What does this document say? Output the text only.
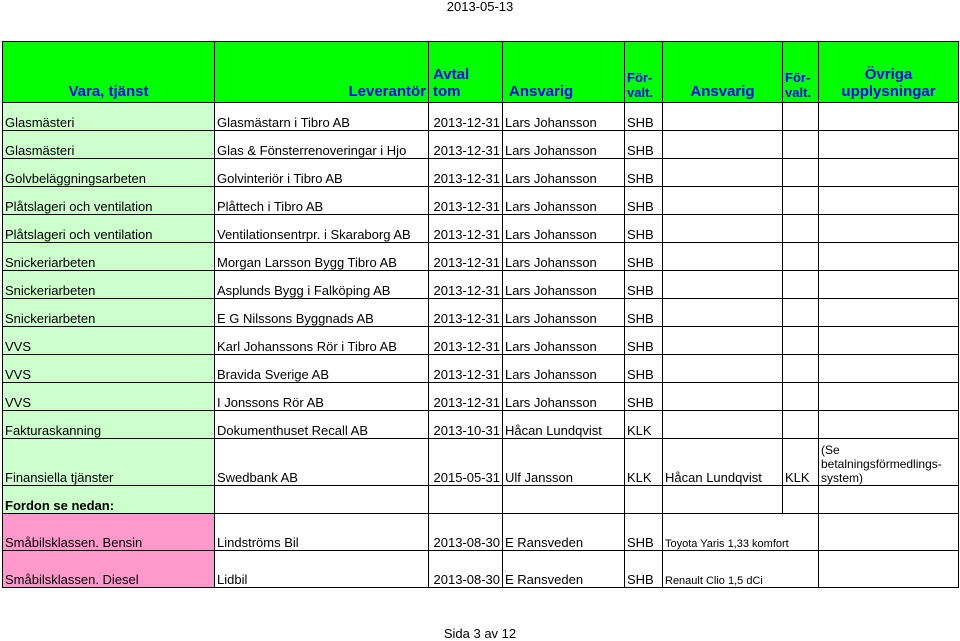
2013-05-13
Vara, tjänst	Leverantör	Avtal tom	Ansvarig	För-valt.	Ansvarig	För-valt.	Övriga upplysningar
Glasmästeri	Glasmästarn i Tibro AB	2013-12-31	Lars Johansson	SHB			
Glasmästeri	Glas & Fönsterrenoveringar i Hjo	2013-12-31	Lars Johansson	SHB			
Golvbeläggningsarbeten	Golvinteriör i Tibro AB	2013-12-31	Lars Johansson	SHB			
Plåtslageri och ventilation	Plåttech i Tibro AB	2013-12-31	Lars Johansson	SHB			
Plåtslageri och ventilation	Ventilationsentrpr. i Skaraborg AB	2013-12-31	Lars Johansson	SHB			
Snickeriarbeten	Morgan Larsson Bygg Tibro AB	2013-12-31	Lars Johansson	SHB			
Snickeriarbeten	Asplunds Bygg i Falköping AB	2013-12-31	Lars Johansson	SHB			
Snickeriarbeten	E G Nilssons Byggnads AB	2013-12-31	Lars Johansson	SHB			
VVS	Karl Johanssons Rör i Tibro AB	2013-12-31	Lars Johansson	SHB			
VVS	Bravida Sverige AB	2013-12-31	Lars Johansson	SHB			
VVS	I Jonssons Rör AB	2013-12-31	Lars Johansson	SHB			
Fakturaskanning	Dokumenthuset Recall AB	2013-10-31	Håcan Lundqvist	KLK			
Finansiella tjänster	Swedbank AB	2015-05-31	Ulf Jansson	KLK	Håcan Lundqvist	KLK	(Se betalningsförmedlings-system)
Fordon se nedan:							
Småbilsklassen. Bensin	Lindströms Bil	2013-08-30	E Ransveden	SHB	Toyota Yaris 1,33 komfort		
Småbilsklassen. Diesel	Lidbil	2013-08-30	E Ransveden	SHB	Renault Clio 1,5 dCi		
Sida 3 av 12
